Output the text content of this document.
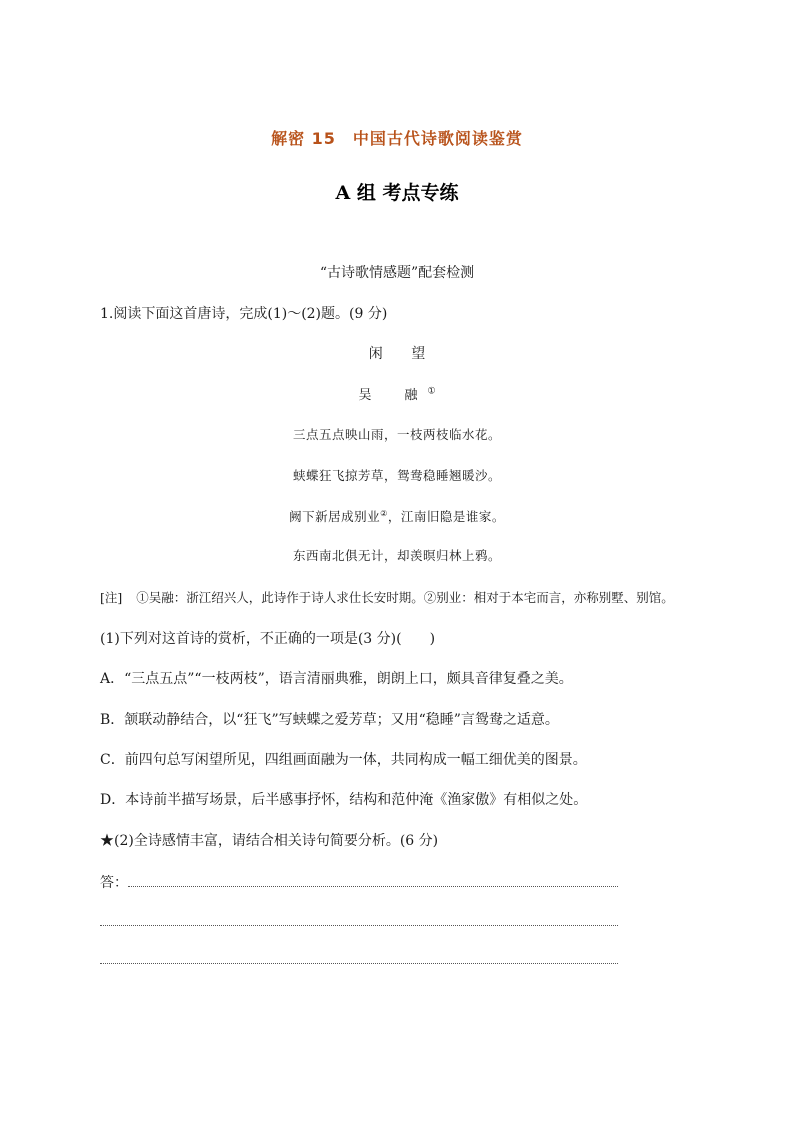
解密 15　中国古代诗歌阅读鉴赏
A 组 考点专练
“古诗歌情感题”配套检测
1.阅读下面这首唐诗，完成(1)～(2)题。(9 分)
闲 望
吴　融①
三点五点映山雨，一枝两枝临水花。
蛱蝶狂飞掠芳草，鸳鸯稳睡翘暖沙。
阙下新居成别业②，江南旧隐是谁家。
东西南北俱无计，却羡暝归林上鸦。
[注] ①吴融：浙江绍兴人，此诗作于诗人求仕长安时期。②别业：相对于本宅而言，亦称别墅、别馆。
(1)下列对这首诗的赏析，不正确的一项是(3 分)(　　)
A．“三点五点”“一枝两枝”，语言清丽典雅，朗朗上口，颇具音律复叠之美。
B．颔联动静结合，以“狂飞”写蛱蝶之爱芳草；又用“稳睡”言鸳鸯之适意。
C．前四句总写闲望所见，四组画面融为一体，共同构成一幅工细优美的图景。
D．本诗前半描写场景，后半感事抒怀，结构和范仲淹《渔家傲》有相似之处。
★(2)全诗感情丰富，请结合相关诗句简要分析。(6 分)
答：
